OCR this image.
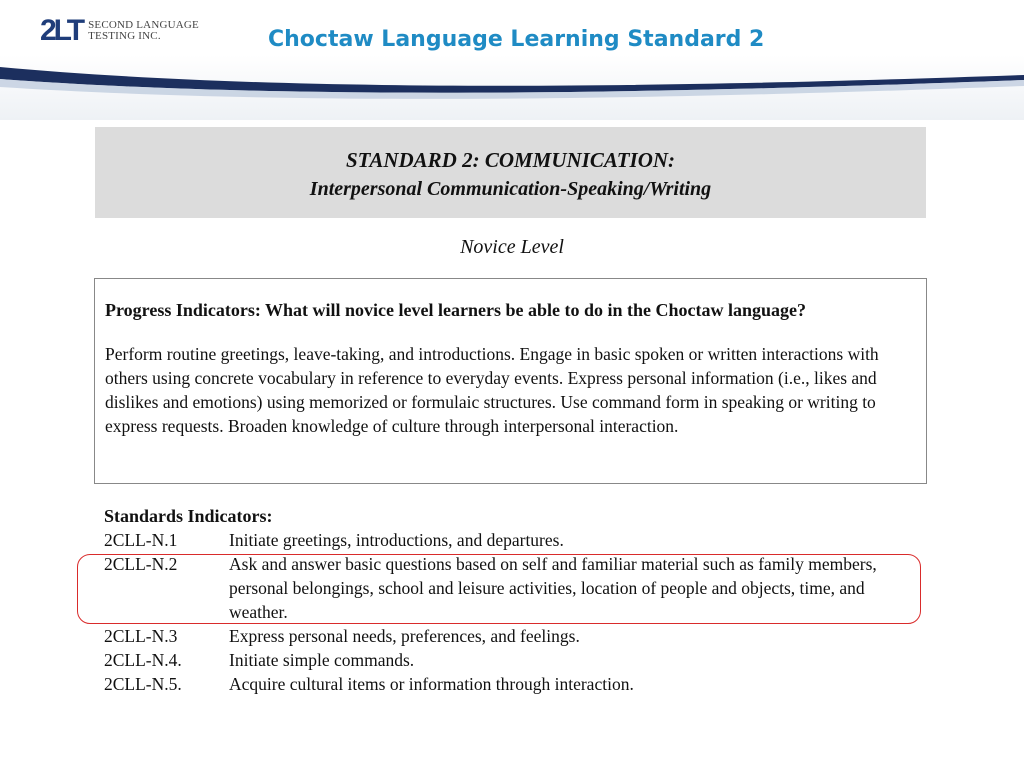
2LT SECOND LANGUAGE
TESTING INC.	Choctaw Language Learning Standard 2
STANDARD 2: COMMUNICATION:
Interpersonal Communication-Speaking/Writing
Novice Level
Progress Indicators: What will novice level learners be able to do in the Choctaw language?
Perform routine greetings, leave-taking, and introductions. Engage in basic spoken or written interactions with others using concrete vocabulary in reference to everyday events. Express personal information (i.e., likes and dislikes and emotions) using memorized or formulaic structures. Use command form in speaking or writing to express requests. Broaden knowledge of culture through interpersonal interaction.
Standards Indicators:
2CLL-N.1	Initiate greetings, introductions, and departures.
2CLL-N.2	Ask and answer basic questions based on self and familiar material such as family members, personal belongings, school and leisure activities, location of people and objects, time, and weather.
2CLL-N.3	Express personal needs, preferences, and feelings.
2CLL-N.4.	Initiate simple commands.
2CLL-N.5.	Acquire cultural items or information through interaction.
